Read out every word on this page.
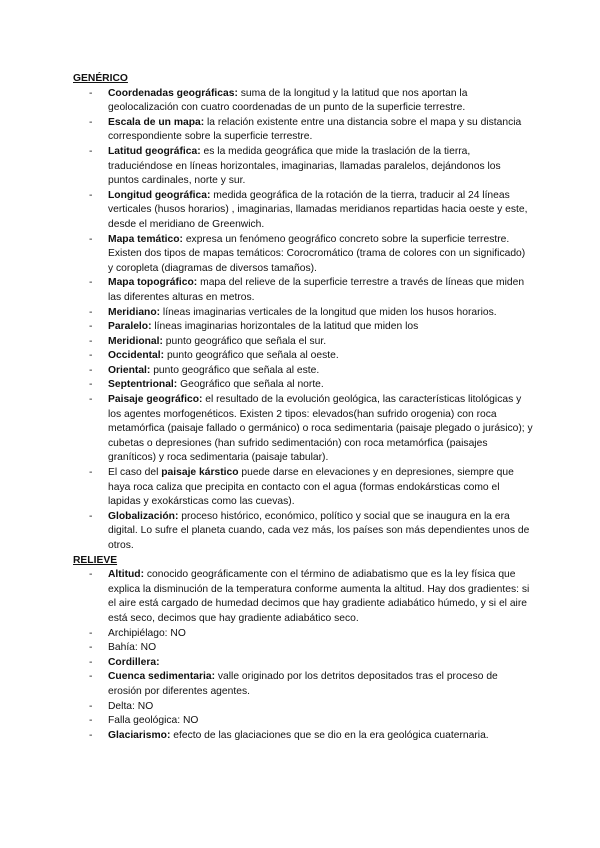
GENÉRICO
- Coordenadas geográficas: suma de la longitud y la latitud que nos aportan la geolocalización con cuatro coordenadas de un punto de la superficie terrestre.
- Escala de un mapa: la relación existente entre una distancia sobre el mapa y su distancia correspondiente sobre la superficie terrestre.
- Latitud geográfica: es la medida geográfica que mide la traslación de la tierra, traduciéndose en líneas horizontales, imaginarias, llamadas paralelos, dejándonos los puntos cardinales, norte y sur.
- Longitud geográfica: medida geográfica de la rotación de la tierra, traducir al 24 líneas verticales (husos horarios) , imaginarias, llamadas meridianos repartidas hacia oeste y este, desde el meridiano de Greenwich.
- Mapa temático: expresa un fenómeno geográfico concreto sobre la superficie terrestre. Existen dos tipos de mapas temáticos: Corocromático (trama de colores con un significado) y coropleta (diagramas de diversos tamaños).
- Mapa topográfico: mapa del relieve de la superficie terrestre a través de líneas que miden las diferentes alturas en metros.
- Meridiano: líneas imaginarias verticales de la longitud que miden los husos horarios.
- Paralelo: líneas imaginarias horizontales de la latitud que miden los
- Meridional: punto geográfico que señala el sur.
- Occidental: punto geográfico que señala al oeste.
- Oriental: punto geográfico que señala al este.
- Septentrional: Geográfico que señala al norte.
- Paisaje geográfico: el resultado de la evolución geológica, las características litológicas y los agentes morfogenéticos. Existen 2 tipos: elevados(han sufrido orogenia) con roca metamórfica (paisaje fallado o germánico) o roca sedimentaria (paisaje plegado o jurásico); y cubetas o depresiones (han sufrido sedimentación) con roca metamórfica (paisajes graníticos) y roca sedimentaria (paisaje tabular).
- El caso del paisaje kárstico puede darse en elevaciones y en depresiones, siempre que haya roca caliza que precipita en contacto con el agua (formas endokársticas como el lapidas y exokársticas como las cuevas).
- Globalización: proceso histórico, económico, político y social que se inaugura en la era digital. Lo sufre el planeta cuando, cada vez más, los países son más dependientes unos de otros.
RELIEVE
- Altitud: conocido geográficamente con el término de adiabatismo que es la ley física que explica la disminución de la temperatura conforme aumenta la altitud. Hay dos gradientes: si el aire está cargado de humedad decimos que hay gradiente adiabático húmedo, y si el aire está seco, decimos que hay gradiente adiabático seco.
- Archipiélago: NO
- Bahía: NO
- Cordillera:
- Cuenca sedimentaria: valle originado por los detritos depositados tras el proceso de erosión por diferentes agentes.
- Delta: NO
- Falla geológica: NO
- Glaciarismo: efecto de las glaciaciones que se dio en la era geológica cuaternaria.
